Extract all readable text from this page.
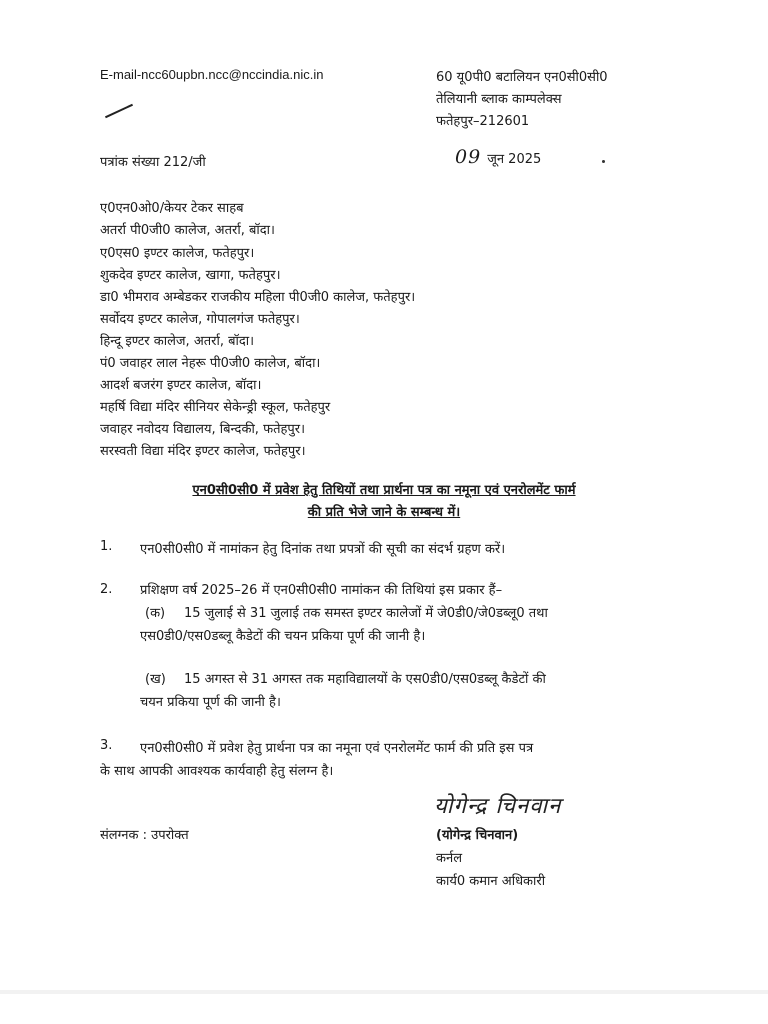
E-mail-ncc60upbn.ncc@nccindia.nic.in	60 यू0पी0 बटालियन एन0सी0सी0
तेलियानी ब्लाक काम्पलेक्स
फतेहपुर–212601
पत्रांक संख्या 212/जी	09 जून 2025
ए0एन0ओ0/केयर टेकर साहब
अतर्रा पी0जी0 कालेज, अतर्रा, बॉदा।
ए0एस0 इण्टर कालेज, फतेहपुर।
शुकदेव इण्टर कालेज, खागा, फतेहपुर।
डा0 भीमराव अम्बेडकर राजकीय महिला पी0जी0 कालेज, फतेहपुर।
सर्वोदय इण्टर कालेज, गोपालगंज फतेहपुर।
हिन्दू इण्टर कालेज, अतर्रा, बॉदा।
पं0 जवाहर लाल नेहरू पी0जी0 कालेज, बॉदा।
आदर्श बजरंग इण्टर कालेज, बॉदा।
महर्षि विद्या मंदिर सीनियर सेकेन्ड्री स्कूल, फतेहपुर
जवाहर नवोदय विद्यालय, बिन्दकी, फतेहपुर।
सरस्वती विद्या मंदिर इण्टर कालेज, फतेहपुर।
एन0सी0सी0 में प्रवेश हेतु तिथियों तथा प्रार्थना पत्र का नमूना एवं एनरोलमेंट फार्म
की प्रति भेजे जाने के सम्बन्ध में।
1. एन0सी0सी0 में नामांकन हेतु दिनांक तथा प्रपत्रों की सूची का संदर्भ ग्रहण करें।
2. प्रशिक्षण वर्ष 2025–26 में एन0सी0सी0 नामांकन की तिथियां इस प्रकार हैं–
(क) 15 जुलाई से 31 जुलाई तक समस्त इण्टर कालेजों में जे0डी0/जे0डब्लू0 तथा
एस0डी0/एस0डब्लू कैडेटों की चयन प्रकिया पूर्ण की जानी है।
(ख) 15 अगस्त से 31 अगस्त तक महाविद्यालयों के एस0डी0/एस0डब्लू कैडेटों की
चयन प्रकिया पूर्ण की जानी है।
3. एन0सी0सी0 में प्रवेश हेतु प्रार्थना पत्र का नमूना एवं एनरोलमेंट फार्म की प्रति इस पत्र
के साथ आपकी आवश्यक कार्यवाही हेतु संलग्न है।
योगेन्द्र चिनवान
संलग्नक : उपरोक्त	(योगेन्द्र चिनवान)
कर्नल
कार्य0 कमान अधिकारी
